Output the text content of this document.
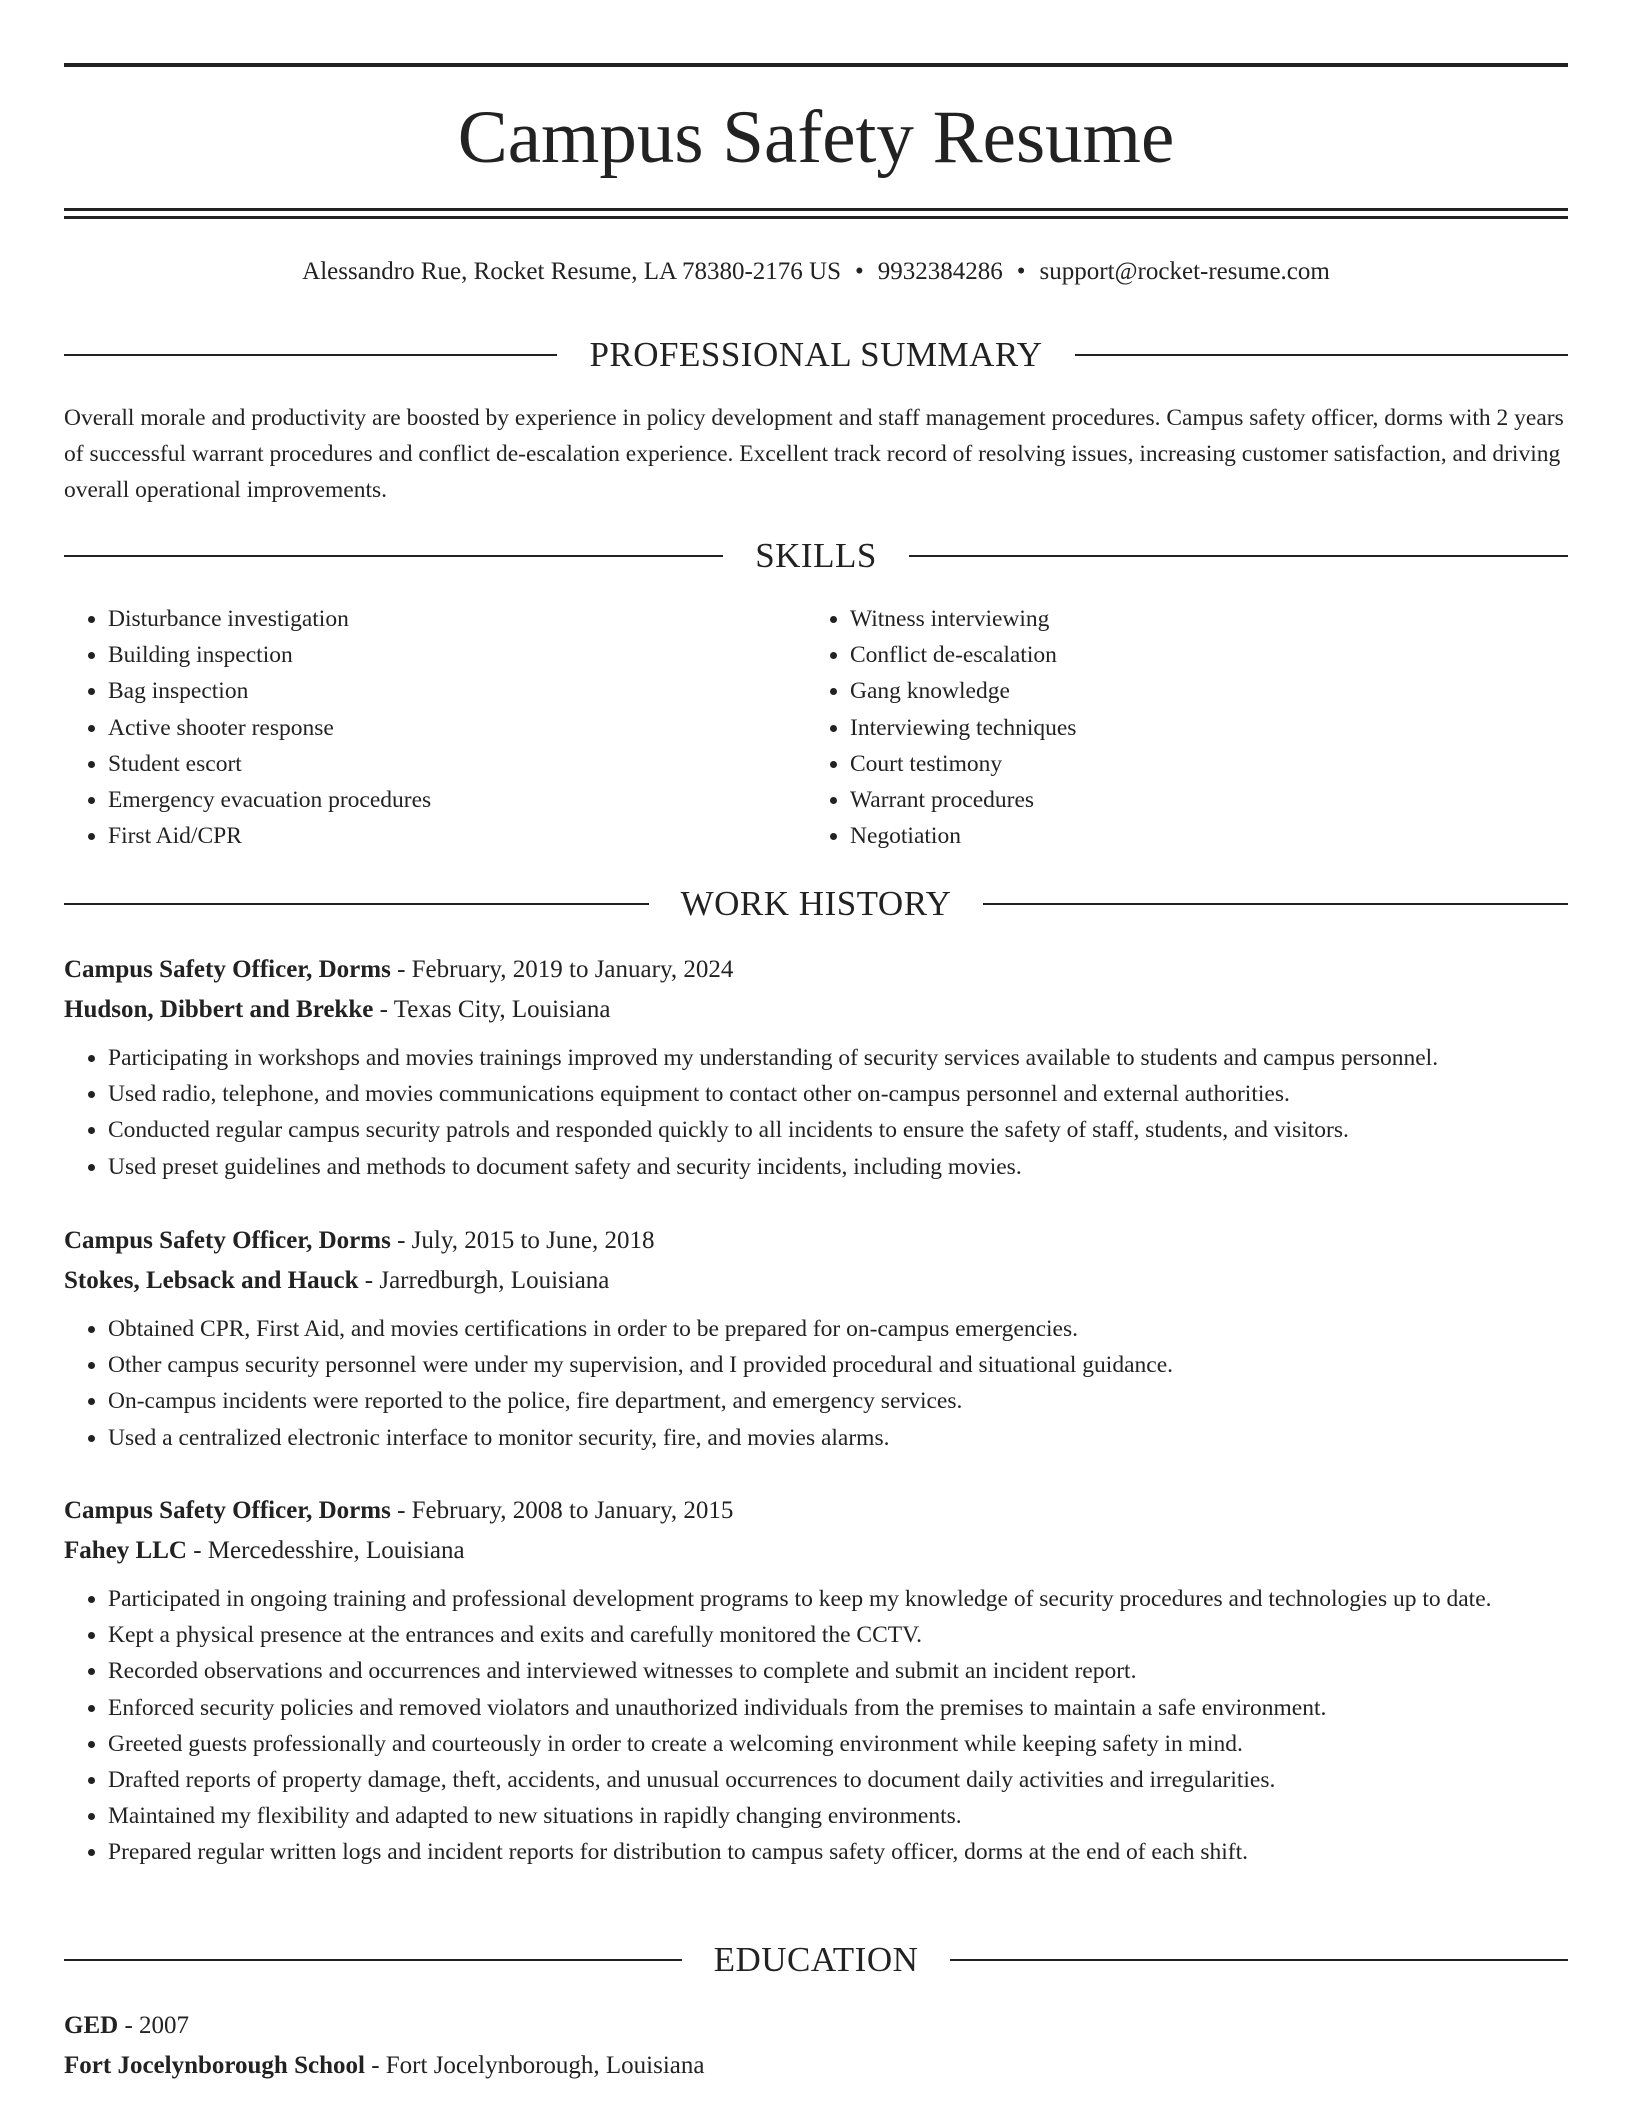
Campus Safety Resume
Alessandro Rue, Rocket Resume, LA 78380-2176 US • 9932384286 • support@rocket-resume.com
PROFESSIONAL SUMMARY

Overall morale and productivity are boosted by experience in policy development and staff management procedures. Campus safety officer, dorms with 2 years of successful warrant procedures and conflict de-escalation experience. Excellent track record of resolving issues, increasing customer satisfaction, and driving overall operational improvements.

SKILLS
• Disturbance investigation
• Building inspection
• Bag inspection
• Active shooter response
• Student escort
• Emergency evacuation procedures
• First Aid/CPR
• Witness interviewing
• Conflict de-escalation
• Gang knowledge
• Interviewing techniques
• Court testimony
• Warrant procedures
• Negotiation
WORK HISTORY
Campus Safety Officer, Dorms - February, 2019 to January, 2024
Hudson, Dibbert and Brekke - Texas City, Louisiana
• Participating in workshops and movies trainings improved my understanding of security services available to students and campus personnel.
• Used radio, telephone, and movies communications equipment to contact other on-campus personnel and external authorities.
• Conducted regular campus security patrols and responded quickly to all incidents to ensure the safety of staff, students, and visitors.
• Used preset guidelines and methods to document safety and security incidents, including movies.
Campus Safety Officer, Dorms - July, 2015 to June, 2018
Stokes, Lebsack and Hauck - Jarredburgh, Louisiana
• Obtained CPR, First Aid, and movies certifications in order to be prepared for on-campus emergencies.
• Other campus security personnel were under my supervision, and I provided procedural and situational guidance.
• On-campus incidents were reported to the police, fire department, and emergency services.
• Used a centralized electronic interface to monitor security, fire, and movies alarms.
Campus Safety Officer, Dorms - February, 2008 to January, 2015
Fahey LLC - Mercedesshire, Louisiana
• Participated in ongoing training and professional development programs to keep my knowledge of security procedures and technologies up to date.
• Kept a physical presence at the entrances and exits and carefully monitored the CCTV.
• Recorded observations and occurrences and interviewed witnesses to complete and submit an incident report.
• Enforced security policies and removed violators and unauthorized individuals from the premises to maintain a safe environment.
• Greeted guests professionally and courteously in order to create a welcoming environment while keeping safety in mind.
• Drafted reports of property damage, theft, accidents, and unusual occurrences to document daily activities and irregularities.
• Maintained my flexibility and adapted to new situations in rapidly changing environments.
• Prepared regular written logs and incident reports for distribution to campus safety officer, dorms at the end of each shift.
EDUCATION
GED - 2007
Fort Jocelynborough School - Fort Jocelynborough, Louisiana
